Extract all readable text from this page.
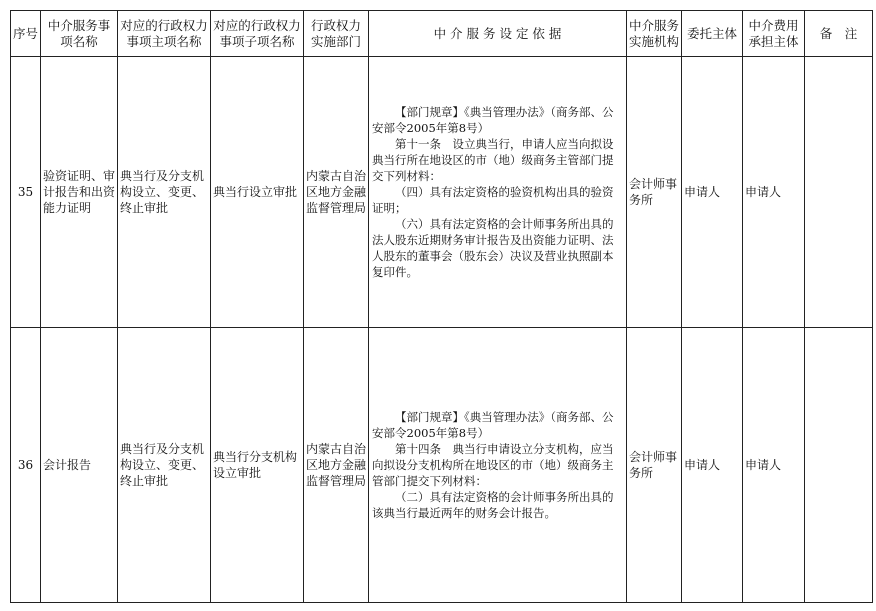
序号	中介服务事项名称	对应的行政权力事项主项名称	对应的行政权力事项子项名称	行政权力实施部门	中 介 服 务 设 定 依 据	中介服务实施机构	委托主体	中介费用承担主体	备　注
35	验资证明、审计报告和出资能力证明	典当行及分支机构设立、变更、终止审批	典当行设立审批	内蒙古自治区地方金融监督管理局	【部门规章】《典当管理办法》（商务部、公安部令2005年第8号）

第十一条　设立典当行，申请人应当向拟设典当行所在地设区的市（地）级商务主管部门提交下列材料：

（四）具有法定资格的验资机构出具的验资证明；

（六）具有法定资格的会计师事务所出具的法人股东近期财务审计报告及出资能力证明、法人股东的董事会（股东会）决议及营业执照副本复印件。	会计师事务所	申请人	申请人	
36	会计报告	典当行及分支机构设立、变更、终止审批	典当行分支机构设立审批	内蒙古自治区地方金融监督管理局	【部门规章】《典当管理办法》（商务部、公安部令2005年第8号）

第十四条　典当行申请设立分支机构，应当向拟设分支机构所在地设区的市（地）级商务主管部门提交下列材料：

（二）具有法定资格的会计师事务所出具的该典当行最近两年的财务会计报告。	会计师事务所	申请人	申请人	
